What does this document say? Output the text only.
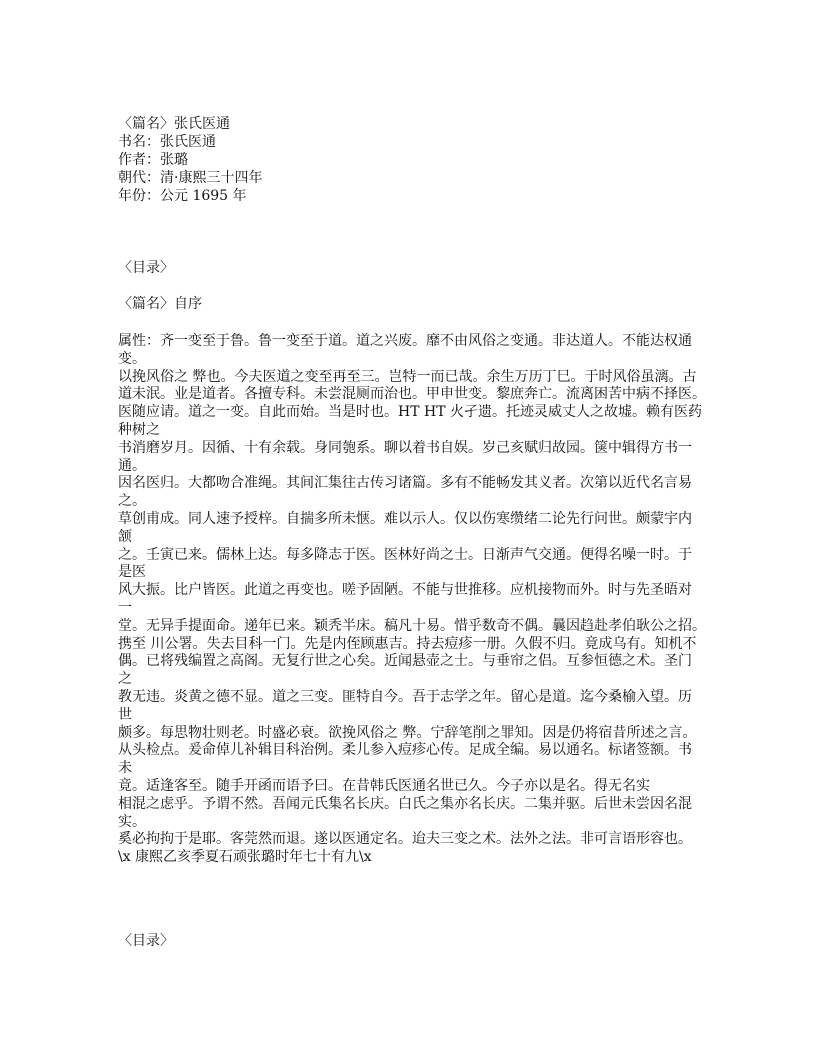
〈篇名〉张氏医通
书名：张氏医通
作者：张璐
朝代：清·康熙三十四年
年份：公元 1695 年
〈目录〉
〈篇名〉自序
属性：齐一变至于鲁。鲁一变至于道。道之兴废。靡不由风俗之变通。非达道人。不能达权通
变。
以挽风俗之 弊也。今夫医道之变至再至三。岂特一而已哉。余生万历丁巳。于时风俗虽漓。古
道未泯。业是道者。各擅专科。未尝混厕而治也。甲申世变。黎庶奔亡。流离困苦中病不择医。
医随应请。道之一变。自此而始。当是时也。HT HT 火孑遗。托迹灵威丈人之故墟。赖有医药
种树之
书消磨岁月。因循、十有余载。身同匏系。聊以着书自娱。岁己亥赋归故园。箧中辑得方书一
通。
因名医归。大都吻合准绳。其间汇集往古传习诸篇。多有不能畅发其义者。次第以近代名言易
之。
草创甫成。同人速予授梓。自揣多所未惬。难以示人。仅以伤寒缵绪二论先行问世。颇蒙宇内
颔
之。壬寅已来。儒林上达。每多降志于医。医林好尚之士。日渐声气交通。便得名噪一时。于
是医
风大振。比户皆医。此道之再变也。嗟予固陋。不能与世推移。应机接物而外。时与先圣晤对
一
堂。无异手提面命。递年已来。颖秃半床。稿凡十易。惜乎数奇不偶。曩因趋赴孝伯耿公之招。
携至 川公署。失去目科一门。先是内侄顾惠吉。持去痘疹一册。久假不归。竟成乌有。知机不
偶。已将残编置之高阁。无复行世之心矣。近闻悬壶之士。与垂帘之侣。互参恒德之术。圣门
之
教无违。炎黄之德不显。道之三变。匪特自今。吾于志学之年。留心是道。迄今桑榆入望。历
世
颇多。每思物壮则老。时盛必衰。欲挽风俗之 弊。宁辞笔削之罪知。因是仍将宿昔所述之言。
从头检点。爰命倬儿补辑目科治例。柔儿参入痘疹心传。足成全编。易以通名。标诸签额。书
未
竟。适逢客至。随手开函而语予曰。在昔韩氏医通名世已久。今子亦以是名。得无名实
相混之虑乎。予谓不然。吾闻元氏集名长庆。白氏之集亦名长庆。二集并驱。后世未尝因名混
实。
奚必拘拘于是耶。客莞然而退。遂以医通定名。迨夫三变之术。法外之法。非可言语形容也。
\x 康熙乙亥季夏石顽张璐时年七十有九\x
〈目录〉
